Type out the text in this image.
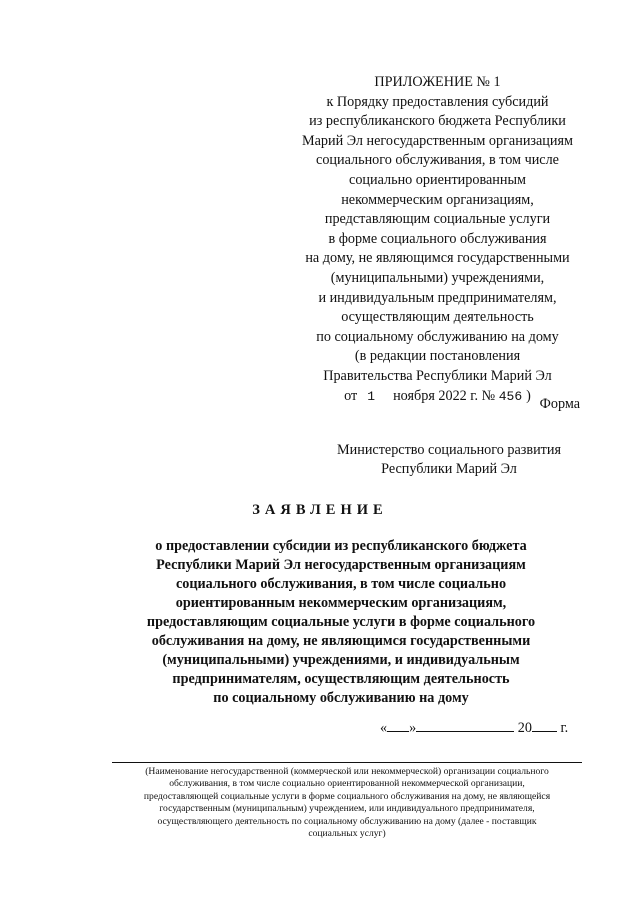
ПРИЛОЖЕНИЕ № 1
к Порядку предоставления субсидий
из республиканского бюджета Республики
Марий Эл негосударственным организациям
социального обслуживания, в том числе
социально ориентированным
некоммерческим организациям,
представляющим социальные услуги
в форме социального обслуживания
на дому, не являющимся государственными
(муниципальными) учреждениями,
и индивидуальным предпринимателям,
осуществляющим деятельность
по социальному обслуживанию на дому
(в редакции постановления
Правительства Республики Марий Эл
от 1 ноября 2022 г. № 456 )
Форма
Министерство социального развития
Республики Марий Эл
ЗАЯВЛЕНИЕ
о предоставлении субсидии из республиканского бюджета
Республики Марий Эл негосударственным организациям
социального обслуживания, в том числе социально
ориентированным некоммерческим организациям,
предоставляющим социальные услуги в форме социального
обслуживания на дому, не являющимся государственными
(муниципальными) учреждениями, и индивидуальным
предпринимателям, осуществляющим деятельность
по социальному обслуживанию на дому
« »	20 г.
(Наименование негосударственной (коммерческой или некоммерческой) организации социального
обслуживания, в том числе социально ориентированной некоммерческой организации,
предоставляющей социальные услуги в форме социального обслуживания на дому, не являющейся
государственным (муниципальным) учреждением, или индивидуального предпринимателя,
осуществляющего деятельность по социальному обслуживанию на дому (далее - поставщик
социальных услуг)
